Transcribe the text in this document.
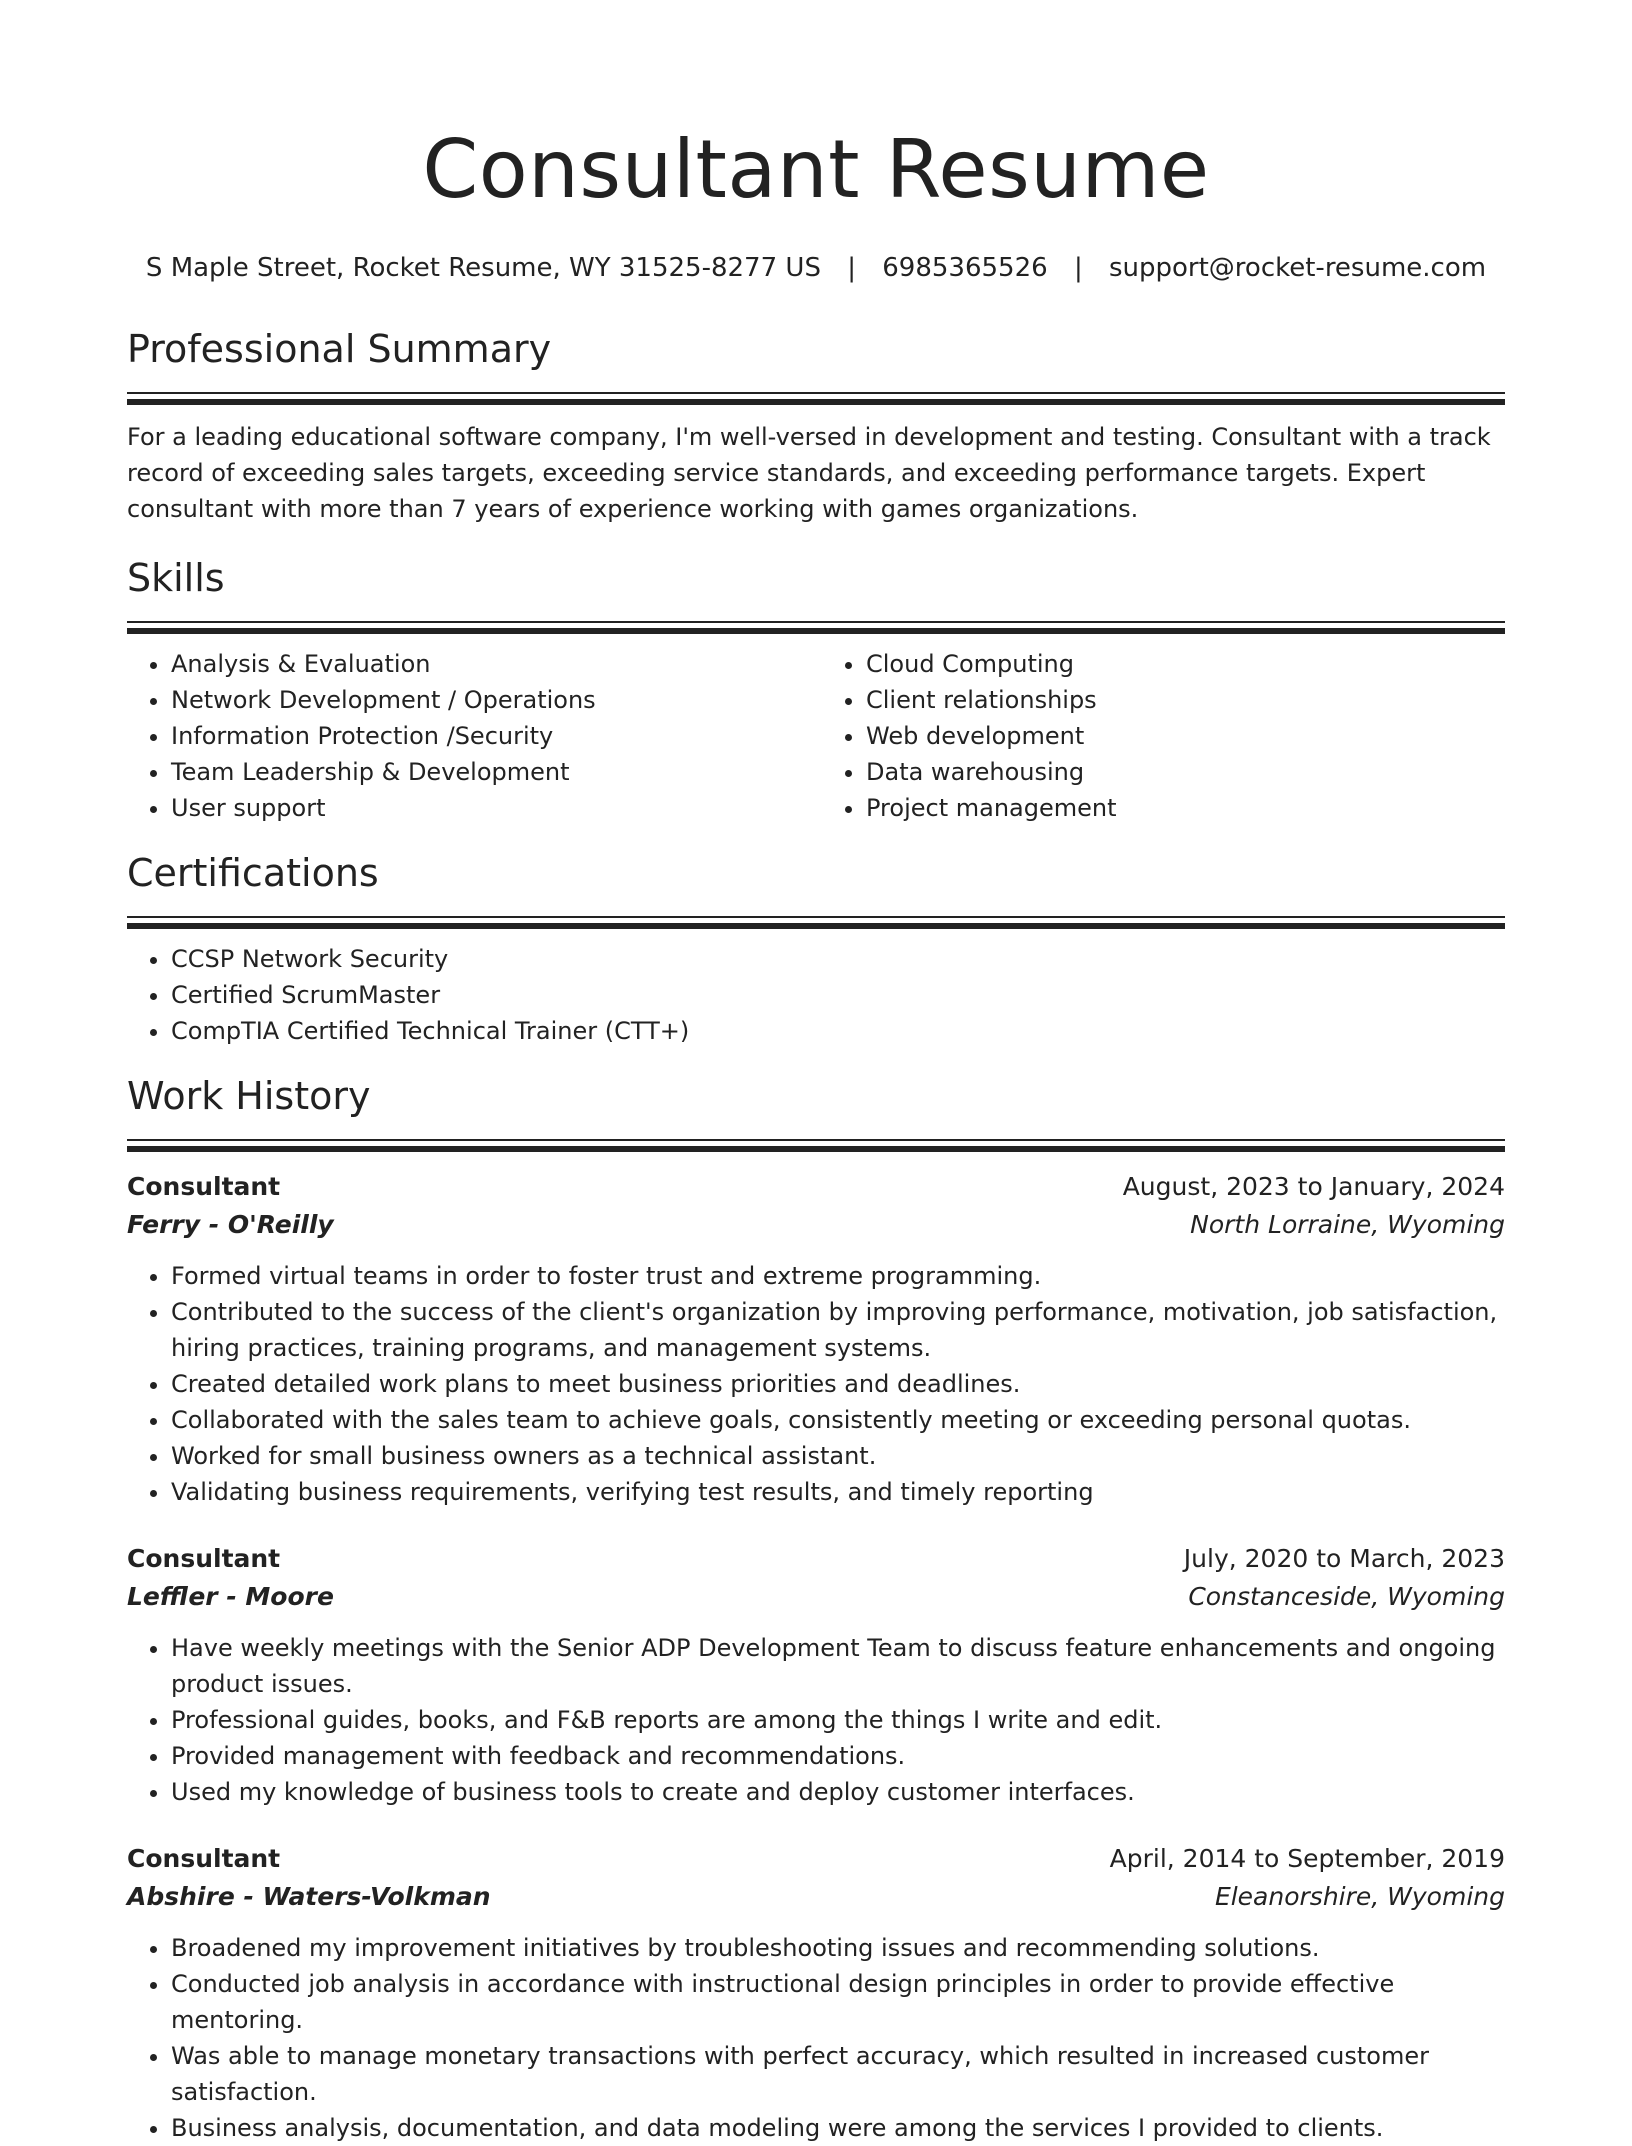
Consultant Resume
S Maple Street, Rocket Resume, WY 31525-8277 US | 6985365526 | support@rocket-resume.com
Professional Summary

For a leading educational software company, I'm well-versed in development and testing. Consultant with a track record of exceeding sales targets, exceeding service standards, and exceeding performance targets. Expert consultant with more than 7 years of experience working with games organizations.

Skills
• Analysis & Evaluation
• Network Development / Operations
• Information Protection /Security
• Team Leadership & Development
• User support
• Cloud Computing
• Client relationships
• Web development
• Data warehousing
• Project management
Certifications
• CCSP Network Security
• Certified ScrumMaster
• CompTIA Certified Technical Trainer (CTT+)
Work History
Consultant	August, 2023 to January, 2024
Ferry - O'Reilly	North Lorraine, Wyoming
• Formed virtual teams in order to foster trust and extreme programming.
• Contributed to the success of the client's organization by improving performance, motivation, job satisfaction, hiring practices, training programs, and management systems.
• Created detailed work plans to meet business priorities and deadlines.
• Collaborated with the sales team to achieve goals, consistently meeting or exceeding personal quotas.
• Worked for small business owners as a technical assistant.
• Validating business requirements, verifying test results, and timely reporting
Consultant	July, 2020 to March, 2023
Leffler - Moore	Constanceside, Wyoming
• Have weekly meetings with the Senior ADP Development Team to discuss feature enhancements and ongoing product issues.
• Professional guides, books, and F&B reports are among the things I write and edit.
• Provided management with feedback and recommendations.
• Used my knowledge of business tools to create and deploy customer interfaces.
Consultant	April, 2014 to September, 2019
Abshire - Waters-Volkman	Eleanorshire, Wyoming
• Broadened my improvement initiatives by troubleshooting issues and recommending solutions.
• Conducted job analysis in accordance with instructional design principles in order to provide effective mentoring.
• Was able to manage monetary transactions with perfect accuracy, which resulted in increased customer satisfaction.
• Business analysis, documentation, and data modeling were among the services I provided to clients.
